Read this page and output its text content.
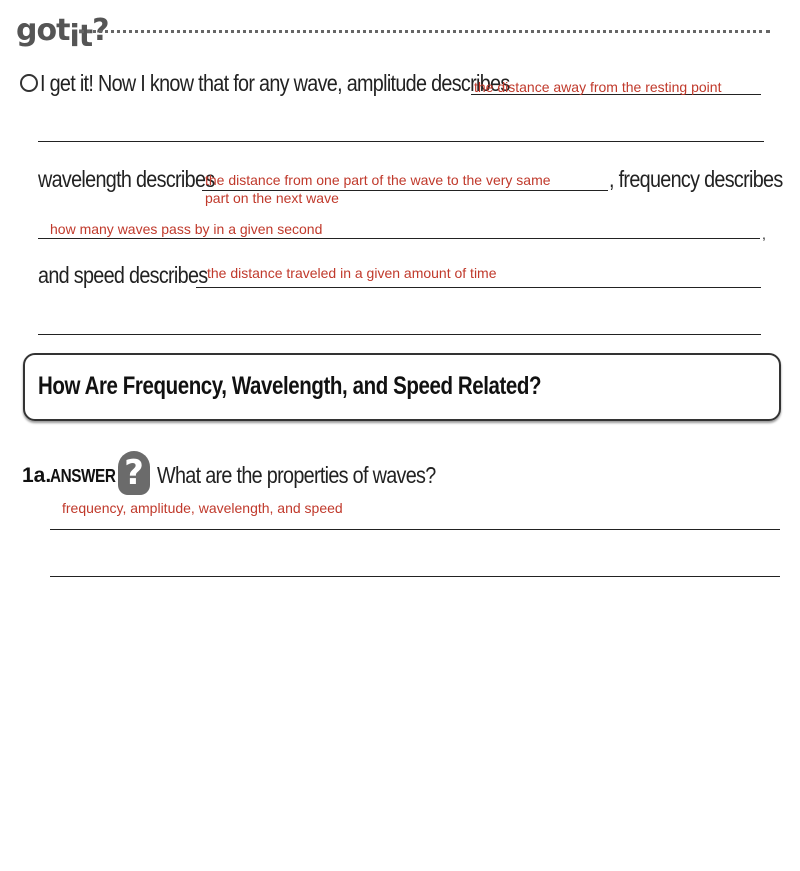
gotit?
I get it! Now I know that for any wave, amplitude describes
the distance away from the resting point
wavelength describes
the distance from one part of the wave to the very same
part on the next wave
, frequency describes
how many waves pass by in a given second	,
and speed describes the distance traveled in a given amount of time
How Are Frequency, Wavelength, and Speed Related?
1a.
ANSWER ? What are the properties of waves?
frequency, amplitude, wavelength, and speed
